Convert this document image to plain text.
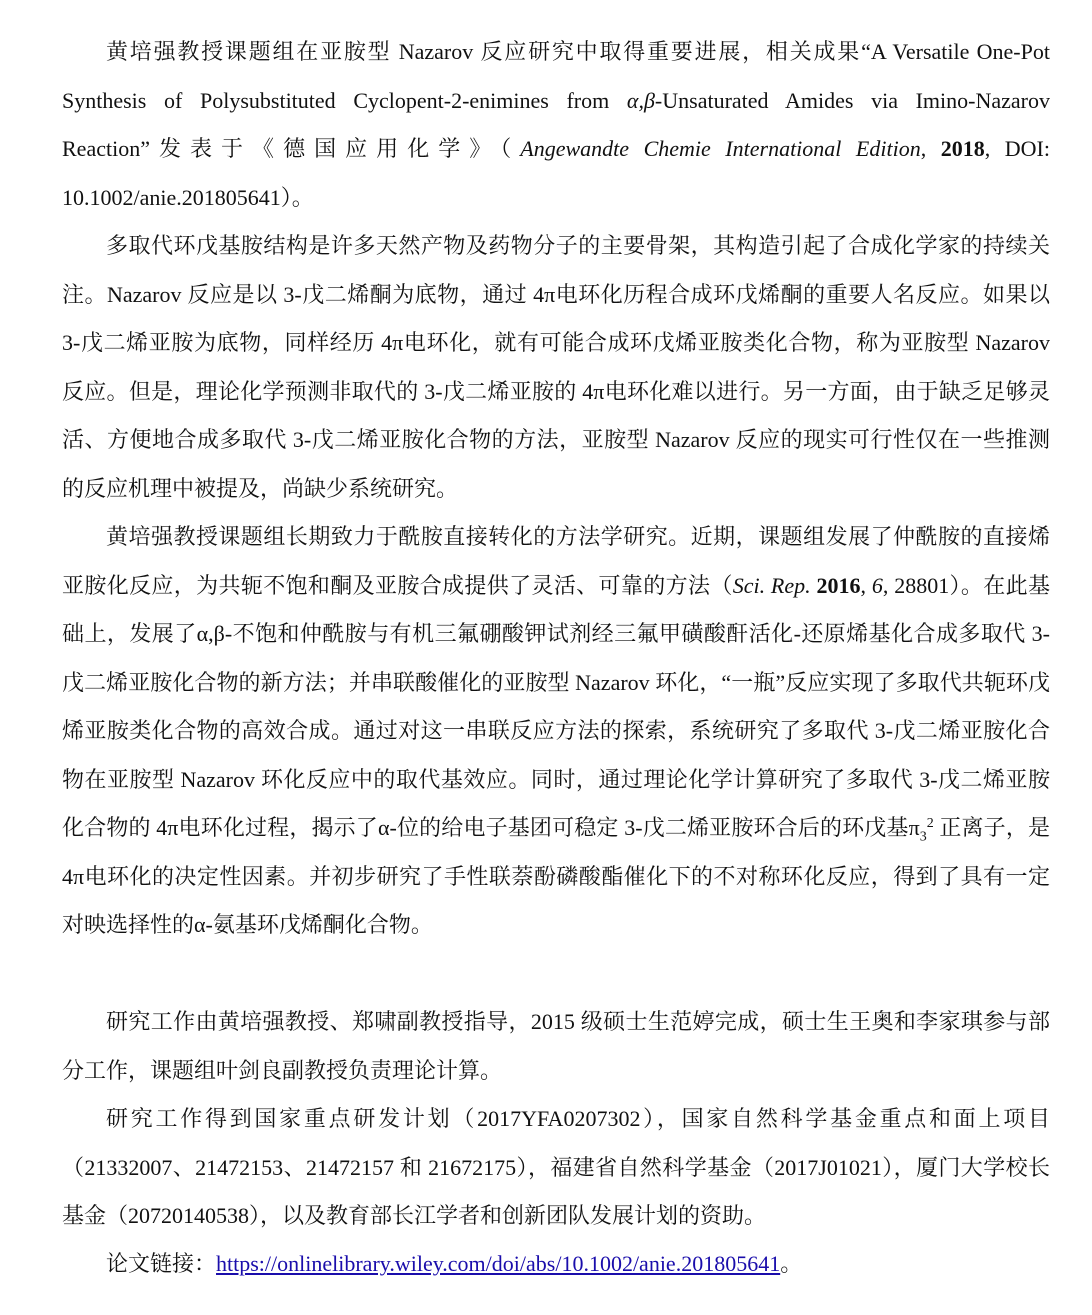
黄培强教授课题组在亚胺型 Nazarov 反应研究中取得重要进展，相关成果“A Versatile One-Pot Synthesis of Polysubstituted Cyclopent-2-enimines from α,β-Unsaturated Amides via Imino-Nazarov Reaction”发表于《德国应用化学》（Angewandte Chemie International Edition, 2018, DOI: 10.1002/anie.201805641）。

多取代环戊基胺结构是许多天然产物及药物分子的主要骨架，其构造引起了合成化学家的持续关注。Nazarov 反应是以 3-戊二烯酮为底物，通过 4π电环化历程合成环戊烯酮的重要人名反应。如果以 3-戊二烯亚胺为底物，同样经历 4π电环化，就有可能合成环戊烯亚胺类化合物，称为亚胺型 Nazarov 反应。但是，理论化学预测非取代的 3-戊二烯亚胺的 4π电环化难以进行。另一方面，由于缺乏足够灵活、方便地合成多取代 3-戊二烯亚胺化合物的方法，亚胺型 Nazarov 反应的现实可行性仅在一些推测的反应机理中被提及，尚缺少系统研究。

黄培强教授课题组长期致力于酰胺直接转化的方法学研究。近期，课题组发展了仲酰胺的直接烯亚胺化反应，为共轭不饱和酮及亚胺合成提供了灵活、可靠的方法（Sci. Rep. 2016, 6, 28801）。在此基础上，发展了α,β-不饱和仲酰胺与有机三氟硼酸钾试剂经三氟甲磺酸酐活化-还原烯基化合成多取代 3-戊二烯亚胺化合物的新方法；并串联酸催化的亚胺型 Nazarov 环化，“一瓶”反应实现了多取代共轭环戊烯亚胺类化合物的高效合成。通过对这一串联反应方法的探索，系统研究了多取代 3-戊二烯亚胺化合物在亚胺型 Nazarov 环化反应中的取代基效应。同时，通过理论化学计算研究了多取代 3-戊二烯亚胺化合物的 4π电环化过程，揭示了α-位的给电子基团可稳定 3-戊二烯亚胺环合后的环戊基$\pi_3^2$ 正离子，是 4π电环化的决定性因素。并初步研究了手性联萘酚磷酸酯催化下的不对称环化反应，得到了具有一定对映选择性的α-氨基环戊烯酮化合物。

研究工作由黄培强教授、郑啸副教授指导，2015 级硕士生范婷完成，硕士生王奥和李家琪参与部分工作，课题组叶剑良副教授负责理论计算。

研究工作得到国家重点研发计划（2017YFA0207302），国家自然科学基金重点和面上项目（21332007、21472153、21472157 和 21672175），福建省自然科学基金（2017J01021），厦门大学校长基金（20720140538），以及教育部长江学者和创新团队发展计划的资助。

论文链接：https://onlinelibrary.wiley.com/doi/abs/10.1002/anie.201805641。
